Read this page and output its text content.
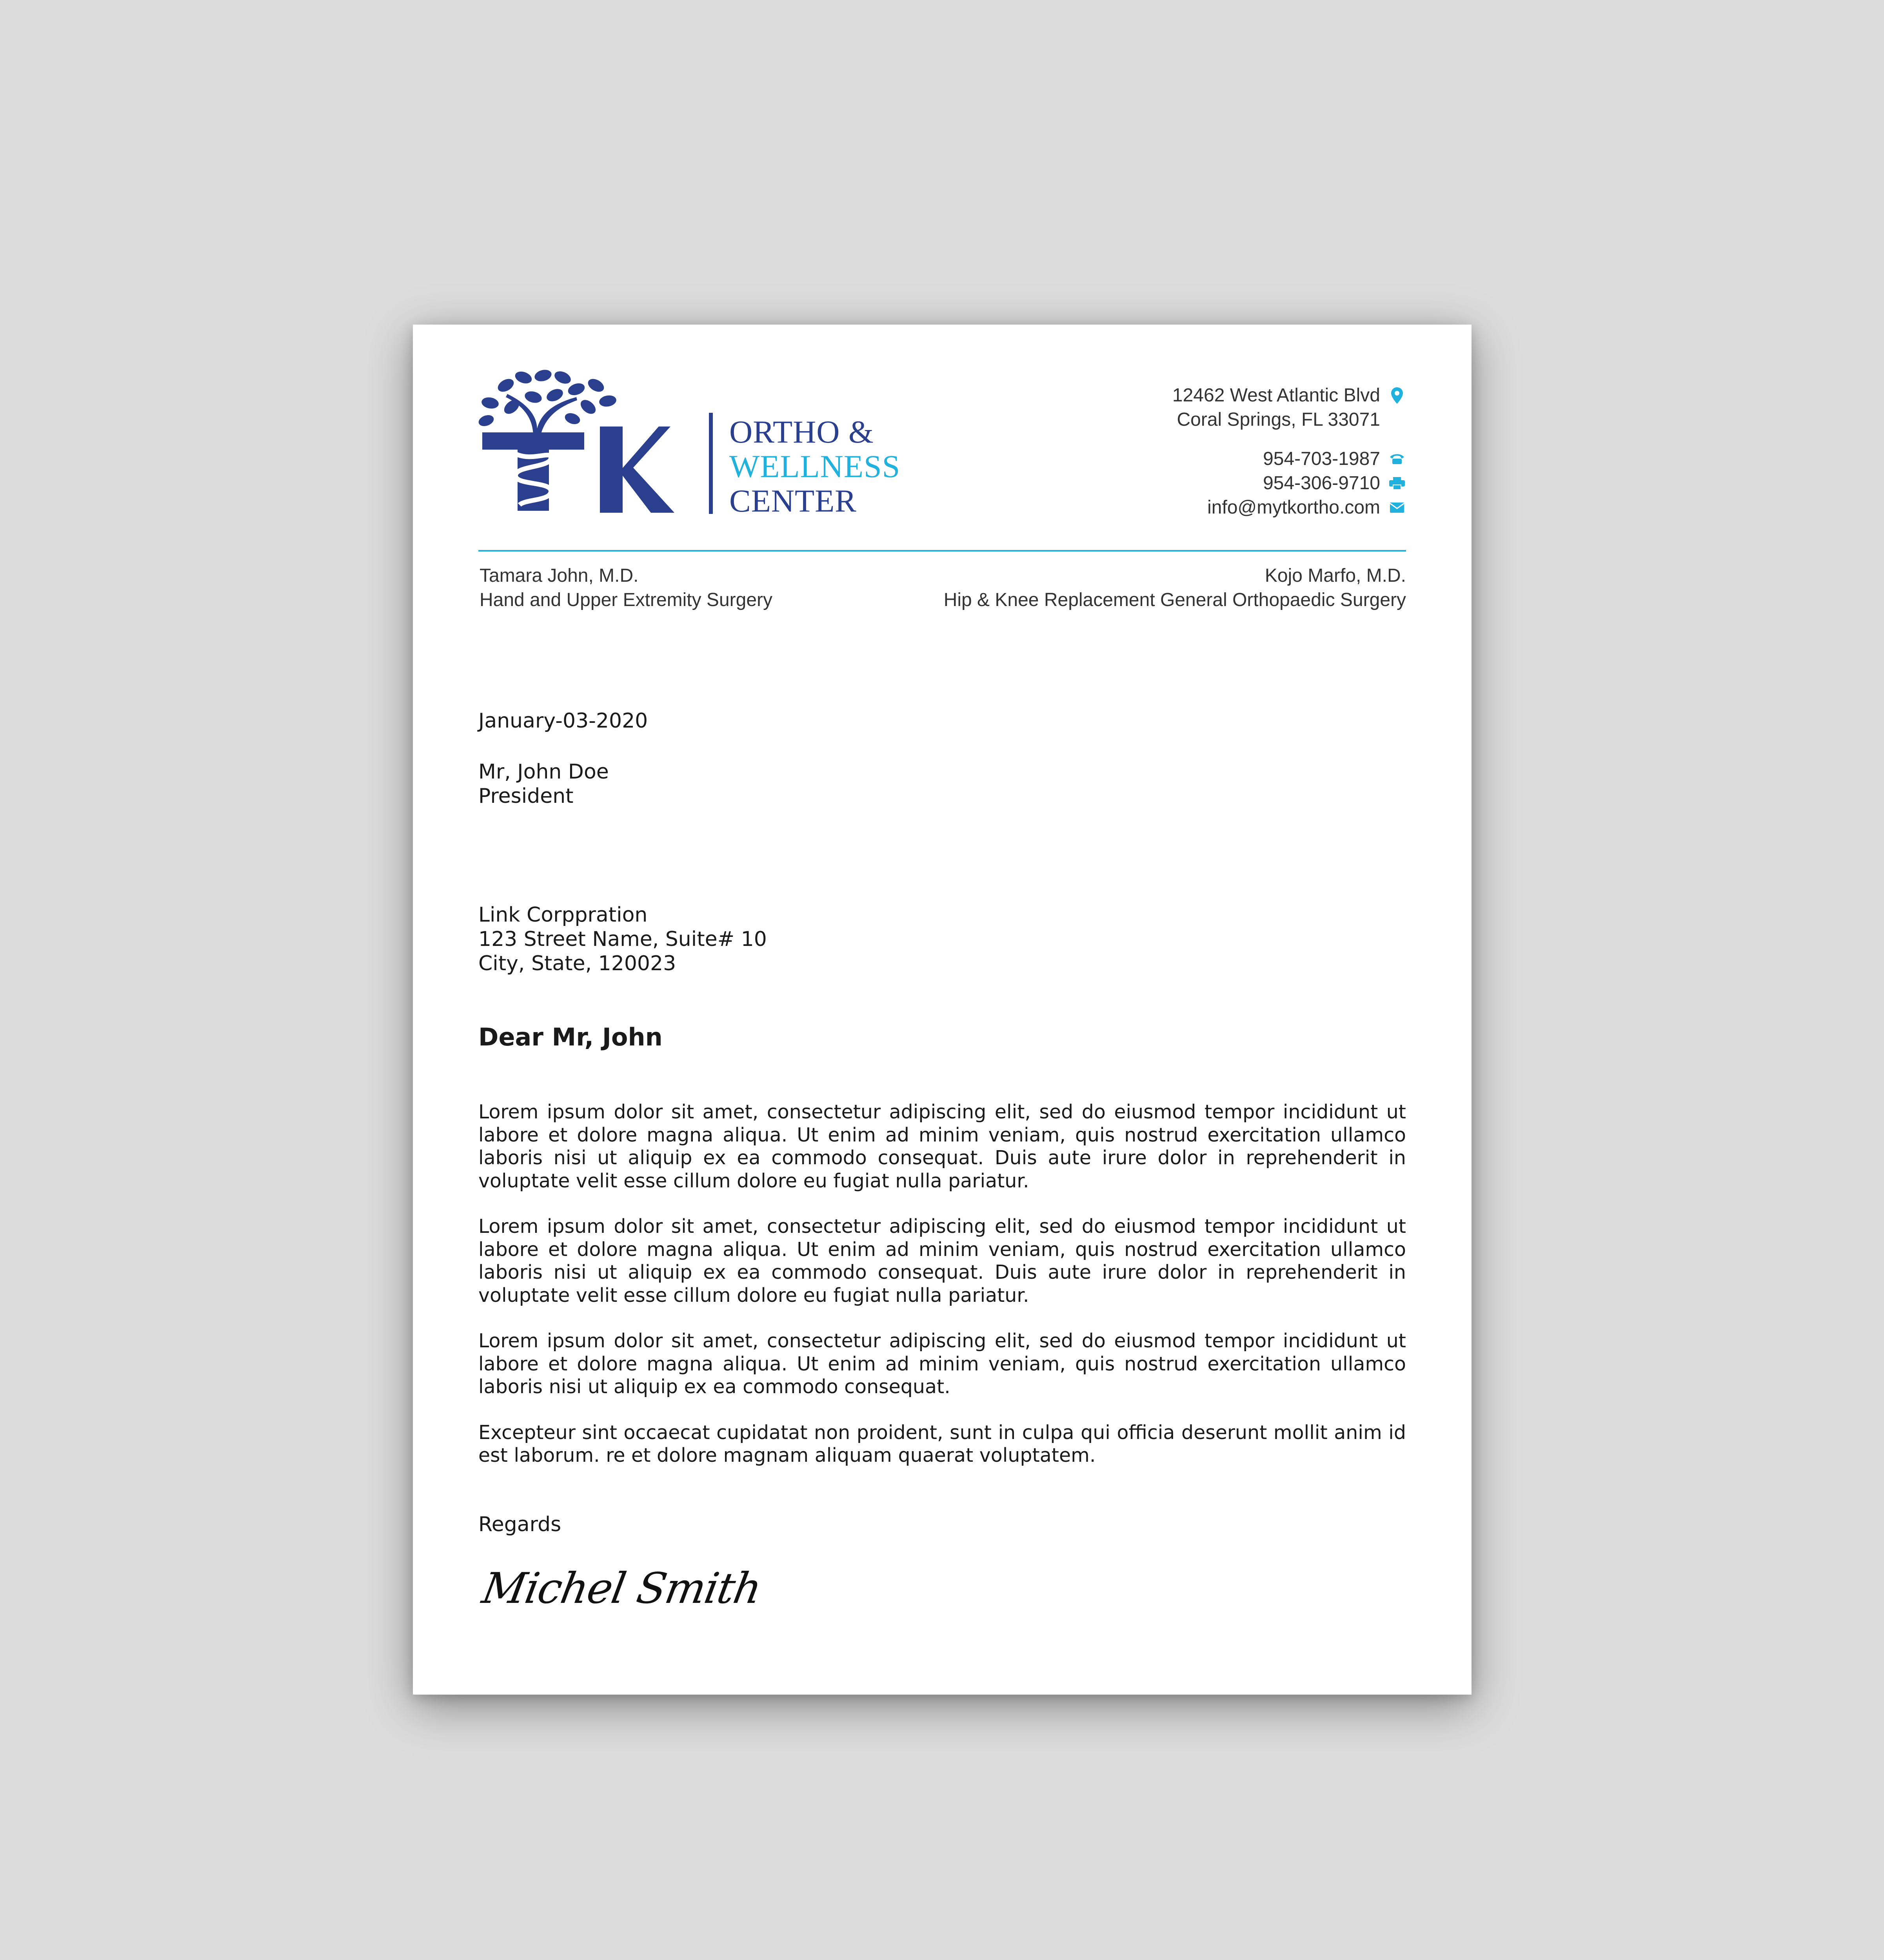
ORTHO &
WELLNESS
CENTER
12462 West Atlantic Blvd
Coral Springs, FL 33071
954-703-1987
954-306-9710
info@mytkortho.com
Tamara John, M.D.
Hand and Upper Extremity Surgery
Kojo Marfo, M.D.
Hip & Knee Replacement General Orthopaedic Surgery
January-03-2020
Mr, John Doe
President
Link Corppration
123 Street Name, Suite# 10
City, State, 120023
Dear Mr, John

Lorem ipsum dolor sit amet, consectetur adipiscing elit, sed do eiusmod tempor incididunt ut labore et dolore magna aliqua. Ut enim ad minim veniam, quis nostrud exercitation ullamco laboris nisi ut aliquip ex ea commodo consequat. Duis aute irure dolor in reprehenderit in voluptate velit esse cillum dolore eu fugiat nulla pariatur.

Lorem ipsum dolor sit amet, consectetur adipiscing elit, sed do eiusmod tempor incididunt ut labore et dolore magna aliqua. Ut enim ad minim veniam, quis nostrud exercitation ullamco laboris nisi ut aliquip ex ea commodo consequat. Duis aute irure dolor in reprehenderit in voluptate velit esse cillum dolore eu fugiat nulla pariatur.

Lorem ipsum dolor sit amet, consectetur adipiscing elit, sed do eiusmod tempor incididunt ut labore et dolore magna aliqua. Ut enim ad minim veniam, quis nostrud exercitation ullamco laboris nisi ut aliquip ex ea commodo consequat.

Excepteur sint occaecat cupidatat non proident, sunt in culpa qui officia deserunt mollit anim id est laborum. re et dolore magnam aliquam quaerat voluptatem.

Regards
Michel Smith
